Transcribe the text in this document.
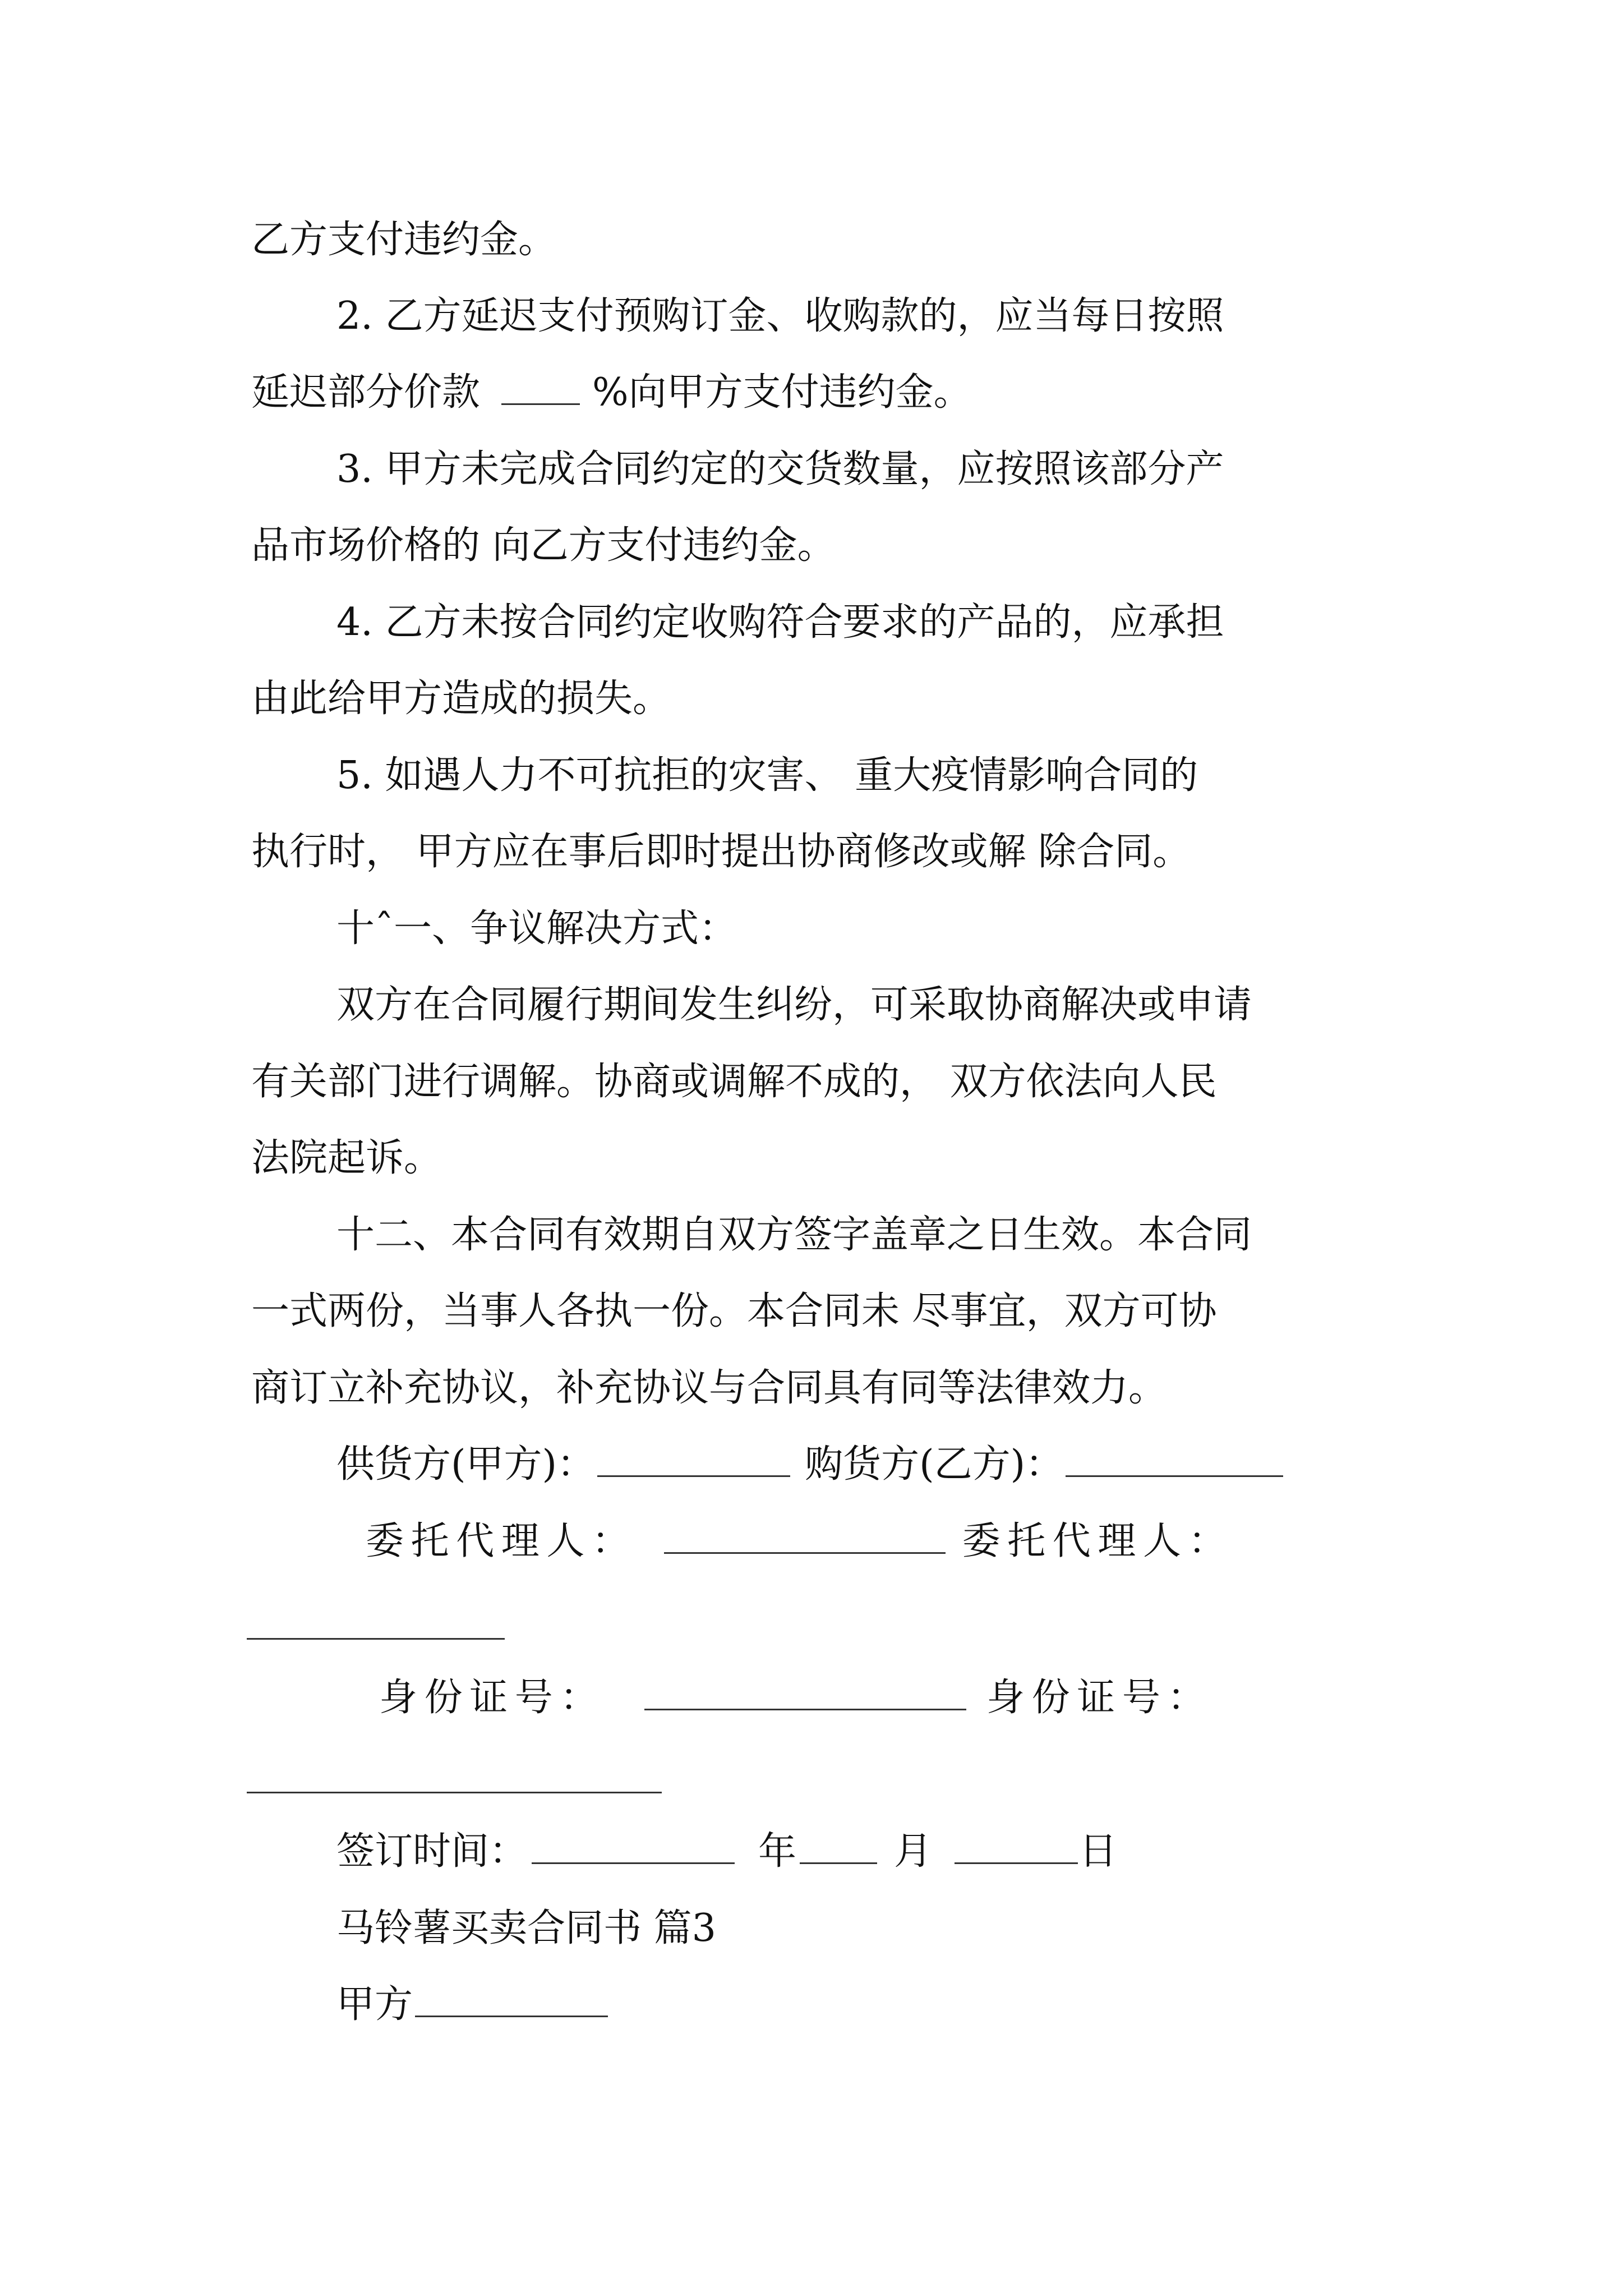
乙方支付违约金。

2. 乙方延迟支付预购订金、收购款的，应当每日按照

延迟部分价款	%向甲方支付违约金。

3. 甲方未完成合同约定的交货数量，应按照该部分产

品市场价格的 向乙方支付违约金。

4. 乙方未按合同约定收购符合要求的产品的，应承担

由此给甲方造成的损失。

5. 如遇人力不可抗拒的灾害、 重大疫情影响合同的

执行时， 甲方应在事后即时提出协商修改或解 除合同。

十ˆ一、争议解决方式：

双方在合同履行期间发生纠纷，可采取协商解决或申请

有关部门进行调解。协商或调解不成的， 双方依法向人民

法院起诉。

十二、本合同有效期自双方签字盖章之日生效。本合同

一式两份，当事人各执一份。本合同未 尽事宜，双方可协

商订立补充协议，补充协议与合同具有同等法律效力。

供货方(甲方)：	购货方(乙方)：

委托代理人：	委托代理人：

身份证号：	身份证号：

签订时间：	年	月	日

马铃薯买卖合同书 篇3

甲方
